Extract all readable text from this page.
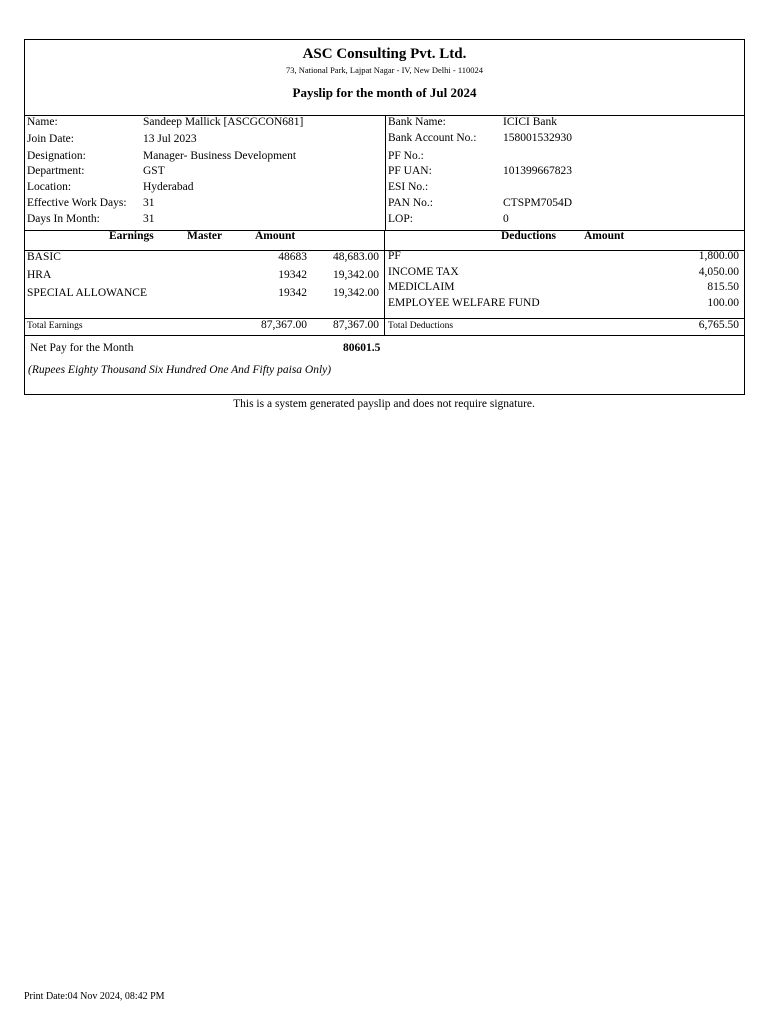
ASC Consulting Pvt. Ltd.
73, National Park, Lajpat Nagar - IV, New Delhi - 110024
Payslip for the month of Jul 2024
Name:	Sandeep Mallick [ASCGCON681]
Join Date:	13 Jul 2023
Designation:	Manager- Business Development
Department:	GST
Location:	Hyderabad
Effective Work Days: 31
Days In Month:	31
Bank Name:	ICICI Bank
Bank Account No.: 158001532930
PF No.:
PF UAN:	101399667823
ESI No.:
PAN No.:	CTSPM7054D
LOP:	0
Earnings	Master	Amount	Deductions Amount
BASIC	48683	48,683.00
HRA	19342	19,342.00
SPECIAL ALLOWANCE	19342	19,342.00
PF	1,800.00
INCOME TAX	4,050.00
MEDICLAIM	815.50
EMPLOYEE WELFARE FUND	100.00
Total Earnings	87,367.00	87,367.00 Total Deductions	6,765.50
Net Pay for the Month	80601.5
(Rupees Eighty Thousand Six Hundred One And Fifty paisa Only)
This is a system generated payslip and does not require signature.
Print Date:04 Nov 2024, 08:42 PM
